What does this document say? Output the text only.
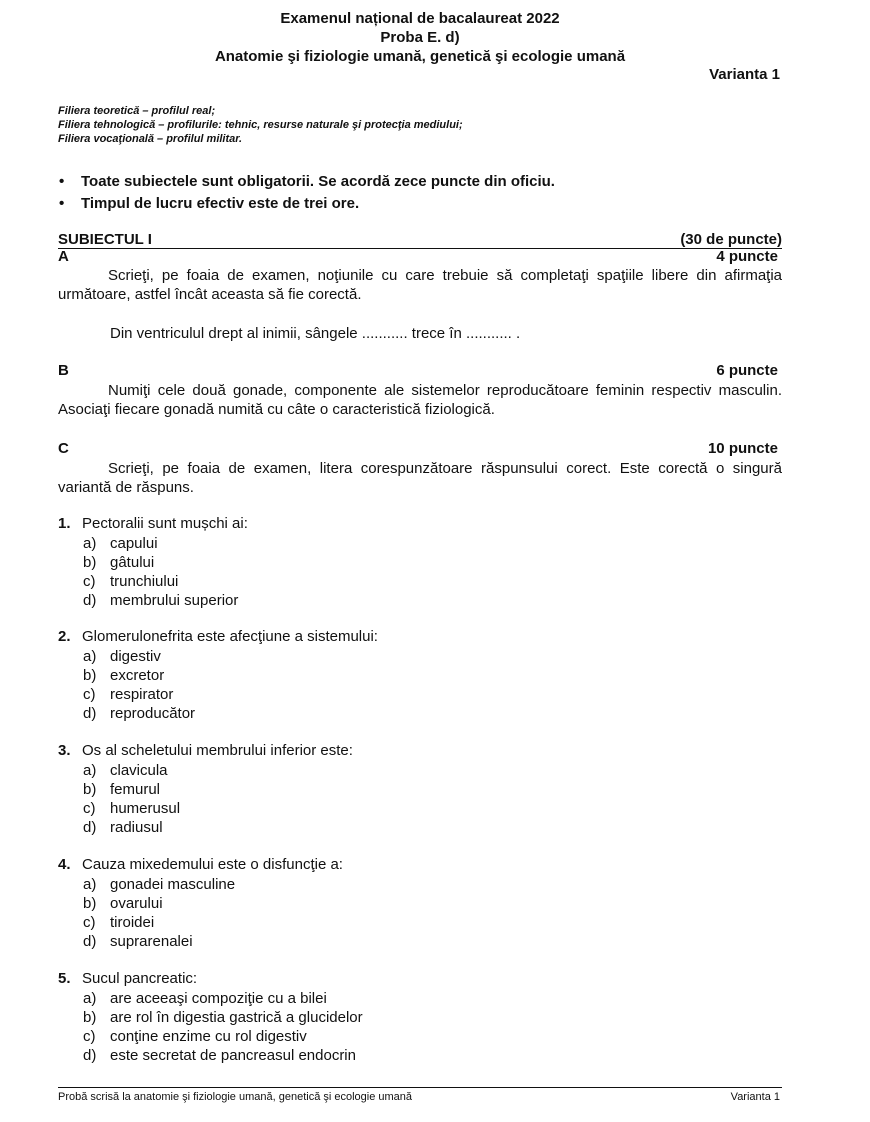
Examenul național de bacalaureat 2022
Proba E. d)
Anatomie şi fiziologie umană, genetică şi ecologie umană
Varianta 1
Filiera teoretică – profilul real;
Filiera tehnologică – profilurile: tehnic, resurse naturale şi protecţia mediului;
Filiera vocaţională – profilul militar.
•	Toate subiectele sunt obligatorii. Se acordă zece puncte din oficiu.
•	Timpul de lucru efectiv este de trei ore.
SUBIECTUL I	(30 de puncte)
A	4 puncte
Scrieţi, pe foaia de examen, noţiunile cu care trebuie să completaţi spaţiile libere din afirmaţia următoare, astfel încât aceasta să fie corectă.
Din ventriculul drept al inimii, sângele ........... trece în ........... .
B	6 puncte
Numiţi cele două gonade, componente ale sistemelor reproducătoare feminin respectiv masculin. Asociaţi fiecare gonadă numită cu câte o caracteristică fiziologică.
C	10 puncte
Scrieţi, pe foaia de examen, litera corespunzătoare răspunsului corect. Este corectă o singură variantă de răspuns.
1. Pectoralii sunt mușchi ai:
a) capului
b) gâtului
c) trunchiului
d) membrului superior
2. Glomerulonefrita este afecţiune a sistemului:
a) digestiv
b) excretor
c) respirator
d) reproducător
3. Os al scheletului membrului inferior este:
a) clavicula
b) femurul
c) humerusul
d) radiusul
4. Cauza mixedemului este o disfuncţie a:
a) gonadei masculine
b) ovarului
c) tiroidei
d) suprarenalei
5. Sucul pancreatic:
a) are aceeaşi compoziţie cu a bilei
b) are rol în digestia gastrică a glucidelor
c) conţine enzime cu rol digestiv
d) este secretat de pancreasul endocrin
Probă scrisă la anatomie şi fiziologie umană, genetică şi ecologie umană	Varianta 1
